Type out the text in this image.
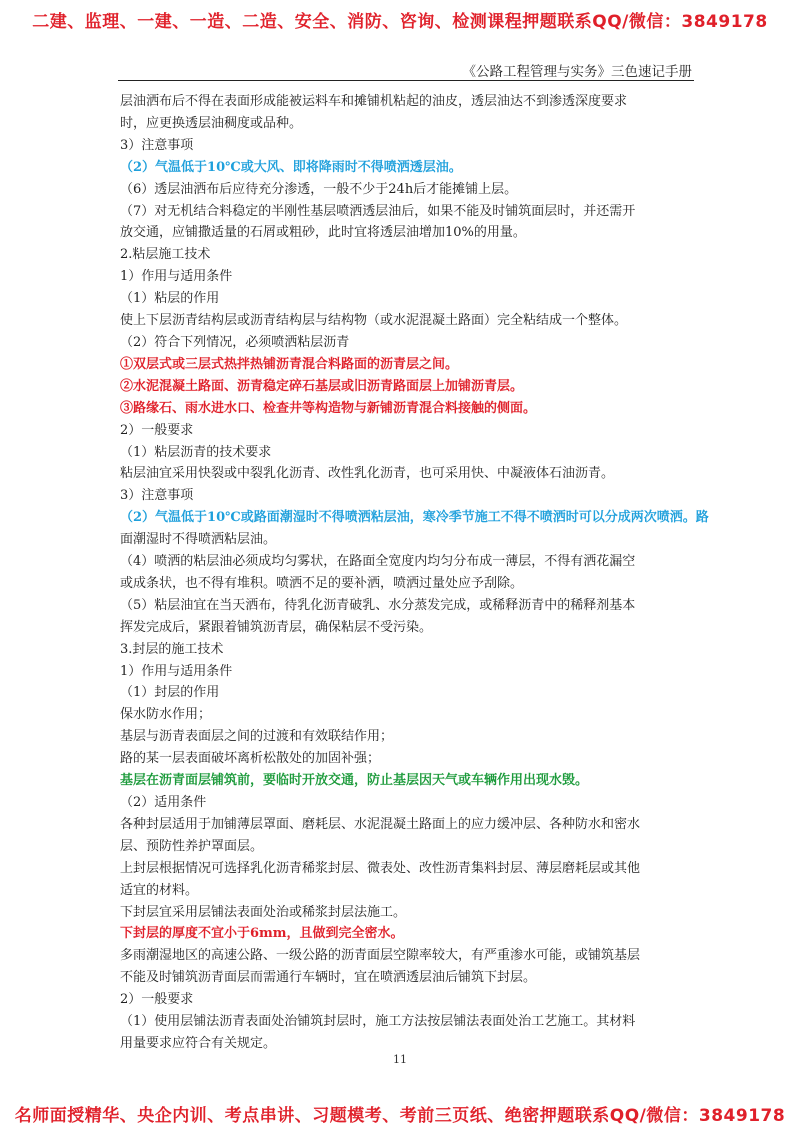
二建、监理、一建、一造、二造、安全、消防、咨询、检测课程押题联系QQ/微信：3849178
《公路工程管理与实务》三色速记手册

层油洒布后不得在表面形成能被运料车和摊铺机粘起的油皮，透层油达不到渗透深度要求

时，应更换透层油稠度或品种。

3）注意事项

（2）气温低于10℃或大风、即将降雨时不得喷洒透层油。

（6）透层油洒布后应待充分渗透，一般不少于24h后才能摊铺上层。

（7）对无机结合料稳定的半刚性基层喷洒透层油后，如果不能及时铺筑面层时，并还需开

放交通，应铺撒适量的石屑或粗砂，此时宜将透层油增加10%的用量。

2.粘层施工技术

1）作用与适用条件

（1）粘层的作用

使上下层沥青结构层或沥青结构层与结构物（或水泥混凝土路面）完全粘结成一个整体。

（2）符合下列情况，必须喷洒粘层沥青

①双层式或三层式热拌热铺沥青混合料路面的沥青层之间。

②水泥混凝土路面、沥青稳定碎石基层或旧沥青路面层上加铺沥青层。

③路缘石、雨水进水口、检查井等构造物与新铺沥青混合料接触的侧面。

2）一般要求

（1）粘层沥青的技术要求

粘层油宜采用快裂或中裂乳化沥青、改性乳化沥青，也可采用快、中凝液体石油沥青。

3）注意事项

（2）气温低于10℃或路面潮湿时不得喷洒粘层油，寒冷季节施工不得不喷洒时可以分成两次喷洒。路

面潮湿时不得喷洒粘层油。

（4）喷洒的粘层油必须成均匀雾状，在路面全宽度内均匀分布成一薄层，不得有洒花漏空

或成条状，也不得有堆积。喷洒不足的要补洒，喷洒过量处应予刮除。

（5）粘层油宜在当天洒布，待乳化沥青破乳、水分蒸发完成，或稀释沥青中的稀释剂基本

挥发完成后，紧跟着铺筑沥青层，确保粘层不受污染。

3.封层的施工技术

1）作用与适用条件

（1）封层的作用

保水防水作用；

基层与沥青表面层之间的过渡和有效联结作用；

路的某一层表面破坏离析松散处的加固补强；

基层在沥青面层铺筑前，要临时开放交通，防止基层因天气或车辆作用出现水毁。

（2）适用条件

各种封层适用于加铺薄层罩面、磨耗层、水泥混凝土路面上的应力缓冲层、各种防水和密水

层、预防性养护罩面层。

上封层根据情况可选择乳化沥青稀浆封层、微表处、改性沥青集料封层、薄层磨耗层或其他

适宜的材料。

下封层宜采用层铺法表面处治或稀浆封层法施工。

下封层的厚度不宜小于6mm，且做到完全密水。

多雨潮湿地区的高速公路、一级公路的沥青面层空隙率较大，有严重渗水可能，或铺筑基层

不能及时铺筑沥青面层而需通行车辆时，宜在喷洒透层油后铺筑下封层。

2）一般要求

（1）使用层铺法沥青表面处治铺筑封层时，施工方法按层铺法表面处治工艺施工。其材料

用量要求应符合有关规定。

11
名师面授精华、央企内训、考点串讲、习题模考、考前三页纸、绝密押题联系QQ/微信：3849178
